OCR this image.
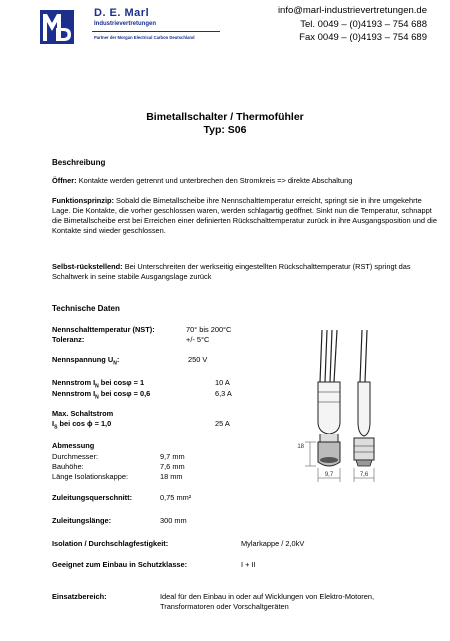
D. E. Marl
Industrievertretungen
Partner der Morgan Electrical Carbon Deutschland
info@marl-industrievertretungen.de
Tel. 0049 – (0)4193 – 754 688
Fax 0049 – (0)4193 – 754 689
Bimetallschalter / Thermofühler
Typ: S06
Beschreibung
Öffner: Kontakte werden getrennt und unterbrechen den Stromkreis => direkte Abschaltung
Funktionsprinzip: Sobald die Bimetallscheibe ihre Nennschalttemperatur erreicht, springt sie in ihre umgekehrte Lage. Die Kontakte, die vorher geschlossen waren, werden schlagartig geöffnet. Sinkt nun die Temperatur, schnappt die Bimetallscheibe erst bei Erreichen einer definierten Rückschalttemperatur zurück in ihre Ausgangsposition und die Kontakte sind wieder geschlossen.
Selbst-rückstellend: Bei Unterschreiten der werkseitig eingestellten Rückschalttemperatur (RST) springt das Schaltwerk in seine stabile Ausgangslage zurück
Technische Daten
Nennschalttemperatur (NST):	70° bis 200°C
Toleranz:	+/- 5°C
Nennspannung $U_N$:	250 V
Nennstrom $I_N$ bei cosφ = 1	10 A
Nennstrom $I_N$ bei cosφ = 0,6	6,3 A
Max. Schaltstrom
$I_S$ bei cos ϕ = 1,0	25 A
Abmessung
Durchmesser:	9,7 mm
Bauhöhe:	7,6 mm
Länge Isolationskappe:	18 mm
Zuleitungsquerschnitt:	0,75 mm²
Zuleitungslänge:	300 mm
Isolation / Durchschlagfestigkeit:	Mylarkappe / 2,0kV
Geeignet zum Einbau in Schutzklasse:	I + II
Einsatzbereich:	Ideal für den Einbau in oder auf Wicklungen von Elektro-Motoren,
Transformatoren oder Vorschaltgeräten
18
9,7	7,6
